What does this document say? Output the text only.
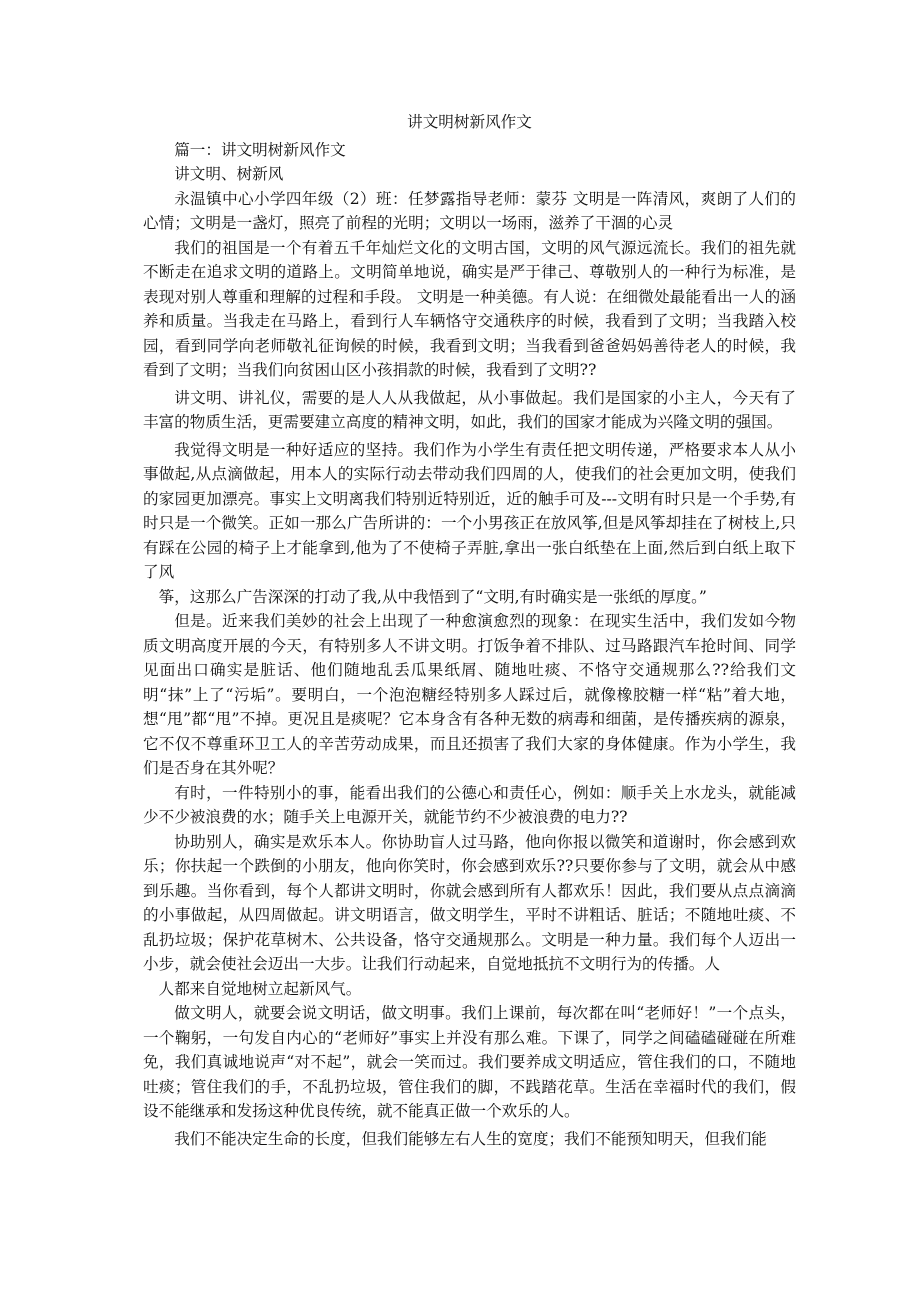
讲文明树新风作文
篇一：讲文明树新风作文
讲文明、树新风

永温镇中心小学四年级（2）班：任梦露指导老师：蒙芬 文明是一阵清风，爽朗了人们的心情；文明是一盏灯，照亮了前程的光明；文明以一场雨，滋养了干涸的心灵

我们的祖国是一个有着五千年灿烂文化的文明古国，文明的风气源远流长。我们的祖先就不断走在追求文明的道路上。文明简单地说，确实是严于律己、尊敬别人的一种行为标准，是表现对别人尊重和理解的过程和手段。 文明是一种美德。有人说：在细微处最能看出一人的涵养和质量。当我走在马路上，看到行人车辆恪守交通秩序的时候，我看到了文明；当我踏入校园，看到同学向老师敬礼征询候的时候，我看到文明；当我看到爸爸妈妈善待老人的时候，我看到了文明；当我们向贫困山区小孩捐款的时候，我看到了文明??

讲文明、讲礼仪，需要的是人人从我做起，从小事做起。我们是国家的小主人，今天有了丰富的物质生活，更需要建立高度的精神文明，如此，我们的国家才能成为兴隆文明的强国。

我觉得文明是一种好适应的坚持。我们作为小学生有责任把文明传递，严格要求本人从小事做起,从点滴做起，用本人的实际行动去带动我们四周的人，使我们的社会更加文明，使我们的家园更加漂亮。事实上文明离我们特别近特别近，近的触手可及---文明有时只是一个手势,有时只是一个微笑。正如一那么广告所讲的：一个小男孩正在放风筝,但是风筝却挂在了树枝上,只有踩在公园的椅子上才能拿到,他为了不使椅子弄脏,拿出一张白纸垫在上面,然后到白纸上取下了风

筝，这那么广告深深的打动了我,从中我悟到了“文明,有时确实是一张纸的厚度。”

但是。近来我们美妙的社会上出现了一种愈演愈烈的现象：在现实生活中，我们发如今物质文明高度开展的今天，有特别多人不讲文明。打饭争着不排队、过马路跟汽车抢时间、同学见面出口确实是脏话、他们随地乱丢瓜果纸屑、随地吐痰、不恪守交通规那么??给我们文明“抹”上了“污垢”。要明白，一个泡泡糖经特别多人踩过后，就像橡胶糖一样“粘”着大地，想“甩”都“甩”不掉。更况且是痰呢？它本身含有各种无数的病毒和细菌，是传播疾病的源泉，它不仅不尊重环卫工人的辛苦劳动成果，而且还损害了我们大家的身体健康。作为小学生，我们是否身在其外呢？

有时，一件特别小的事，能看出我们的公德心和责任心，例如：顺手关上水龙头，就能减少不少被浪费的水；随手关上电源开关，就能节约不少被浪费的电力??

协助别人，确实是欢乐本人。你协助盲人过马路，他向你报以微笑和道谢时，你会感到欢乐；你扶起一个跌倒的小朋友，他向你笑时，你会感到欢乐??只要你参与了文明，就会从中感到乐趣。当你看到，每个人都讲文明时，你就会感到所有人都欢乐！因此，我们要从点点滴滴的小事做起，从四周做起。讲文明语言，做文明学生，平时不讲粗话、脏话；不随地吐痰、不乱扔垃圾；保护花草树木、公共设备，恪守交通规那么。文明是一种力量。我们每个人迈出一小步，就会使社会迈出一大步。让我们行动起来，自觉地抵抗不文明行为的传播。人

人都来自觉地树立起新风气。

做文明人，就要会说文明话，做文明事。我们上课前，每次都在叫“老师好！”一个点头，一个鞠躬，一句发自内心的“老师好”事实上并没有那么难。下课了，同学之间磕磕碰碰在所难免，我们真诚地说声“对不起”，就会一笑而过。我们要养成文明适应，管住我们的口，不随地吐痰；管住我们的手，不乱扔垃圾，管住我们的脚，不践踏花草。生活在幸福时代的我们，假设不能继承和发扬这种优良传统，就不能真正做一个欢乐的人。

我们不能决定生命的长度，但我们能够左右人生的宽度；我们不能预知明天，但我们能
